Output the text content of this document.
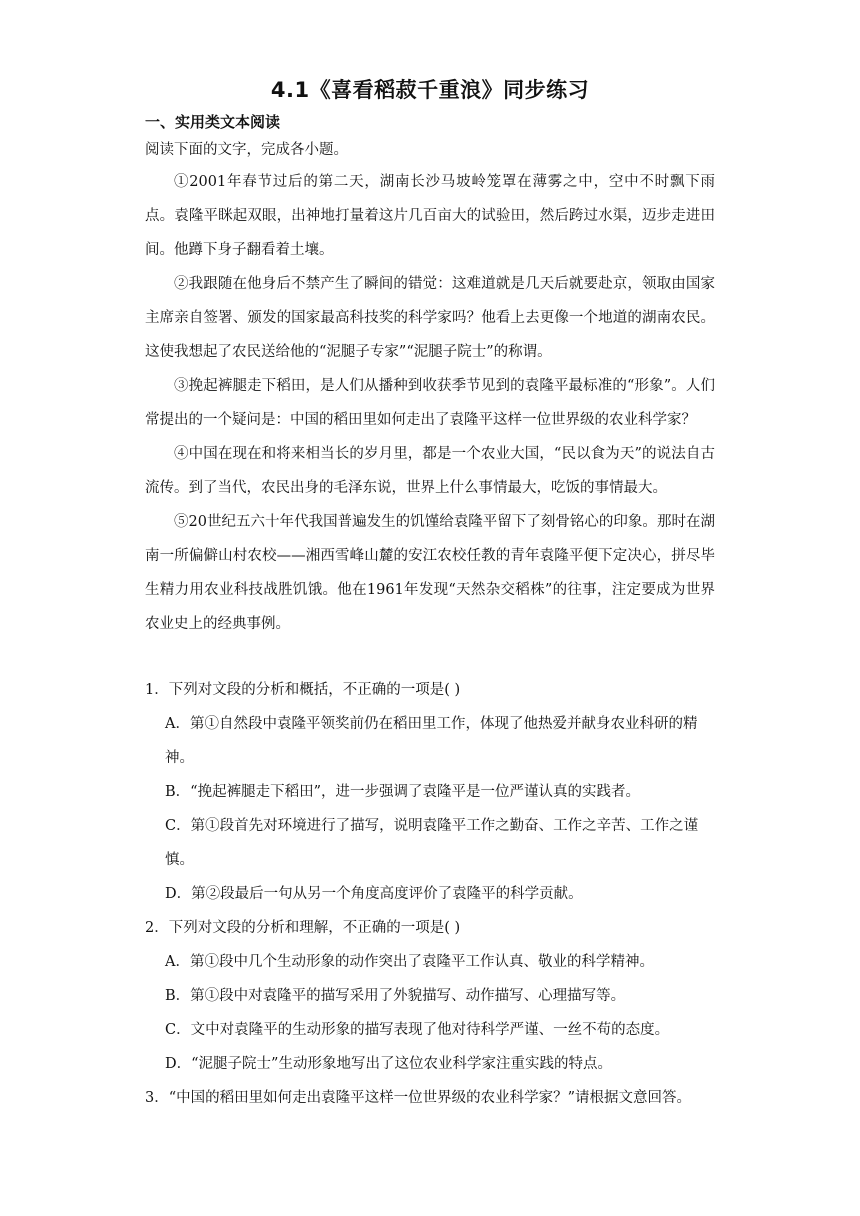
4.1《喜看稻菽千重浪》同步练习
一、实用类文本阅读
阅读下面的文字，完成各小题。

①2001年春节过后的第二天，湖南长沙马坡岭笼罩在薄雾之中，空中不时飘下雨点。袁隆平眯起双眼，出神地打量着这片几百亩大的试验田，然后跨过水渠，迈步走进田间。他蹲下身子翻看着土壤。

②我跟随在他身后不禁产生了瞬间的错觉：这难道就是几天后就要赴京，领取由国家主席亲自签署、颁发的国家最高科技奖的科学家吗？他看上去更像一个地道的湖南农民。这使我想起了农民送给他的“泥腿子专家”“泥腿子院士”的称谓。

③挽起裤腿走下稻田，是人们从播种到收获季节见到的袁隆平最标准的“形象”。人们常提出的一个疑问是：中国的稻田里如何走出了袁隆平这样一位世界级的农业科学家？

④中国在现在和将来相当长的岁月里，都是一个农业大国，“民以食为天”的说法自古流传。到了当代，农民出身的毛泽东说，世界上什么事情最大，吃饭的事情最大。

⑤20世纪五六十年代我国普遍发生的饥馑给袁隆平留下了刻骨铭心的印象。那时在湖南一所偏僻山村农校——湘西雪峰山麓的安江农校任教的青年袁隆平便下定决心，拼尽毕生精力用农业科技战胜饥饿。他在1961年发现“天然杂交稻株”的往事，注定要成为世界农业史上的经典事例。

1．下列对文段的分析和概括，不正确的一项是( )

A．第①自然段中袁隆平领奖前仍在稻田里工作，体现了他热爱并献身农业科研的精
神。

B．“挽起裤腿走下稻田”，进一步强调了袁隆平是一位严谨认真的实践者。

C．第①段首先对环境进行了描写，说明袁隆平工作之勤奋、工作之辛苦、工作之谨
慎。

D．第②段最后一句从另一个角度高度评价了袁隆平的科学贡献。

2．下列对文段的分析和理解，不正确的一项是( )

A．第①段中几个生动形象的动作突出了袁隆平工作认真、敬业的科学精神。

B．第①段中对袁隆平的描写采用了外貌描写、动作描写、心理描写等。

C．文中对袁隆平的生动形象的描写表现了他对待科学严谨、一丝不苟的态度。

D．“泥腿子院士”生动形象地写出了这位农业科学家注重实践的特点。

3．“中国的稻田里如何走出袁隆平这样一位世界级的农业科学家？”请根据文意回答。
